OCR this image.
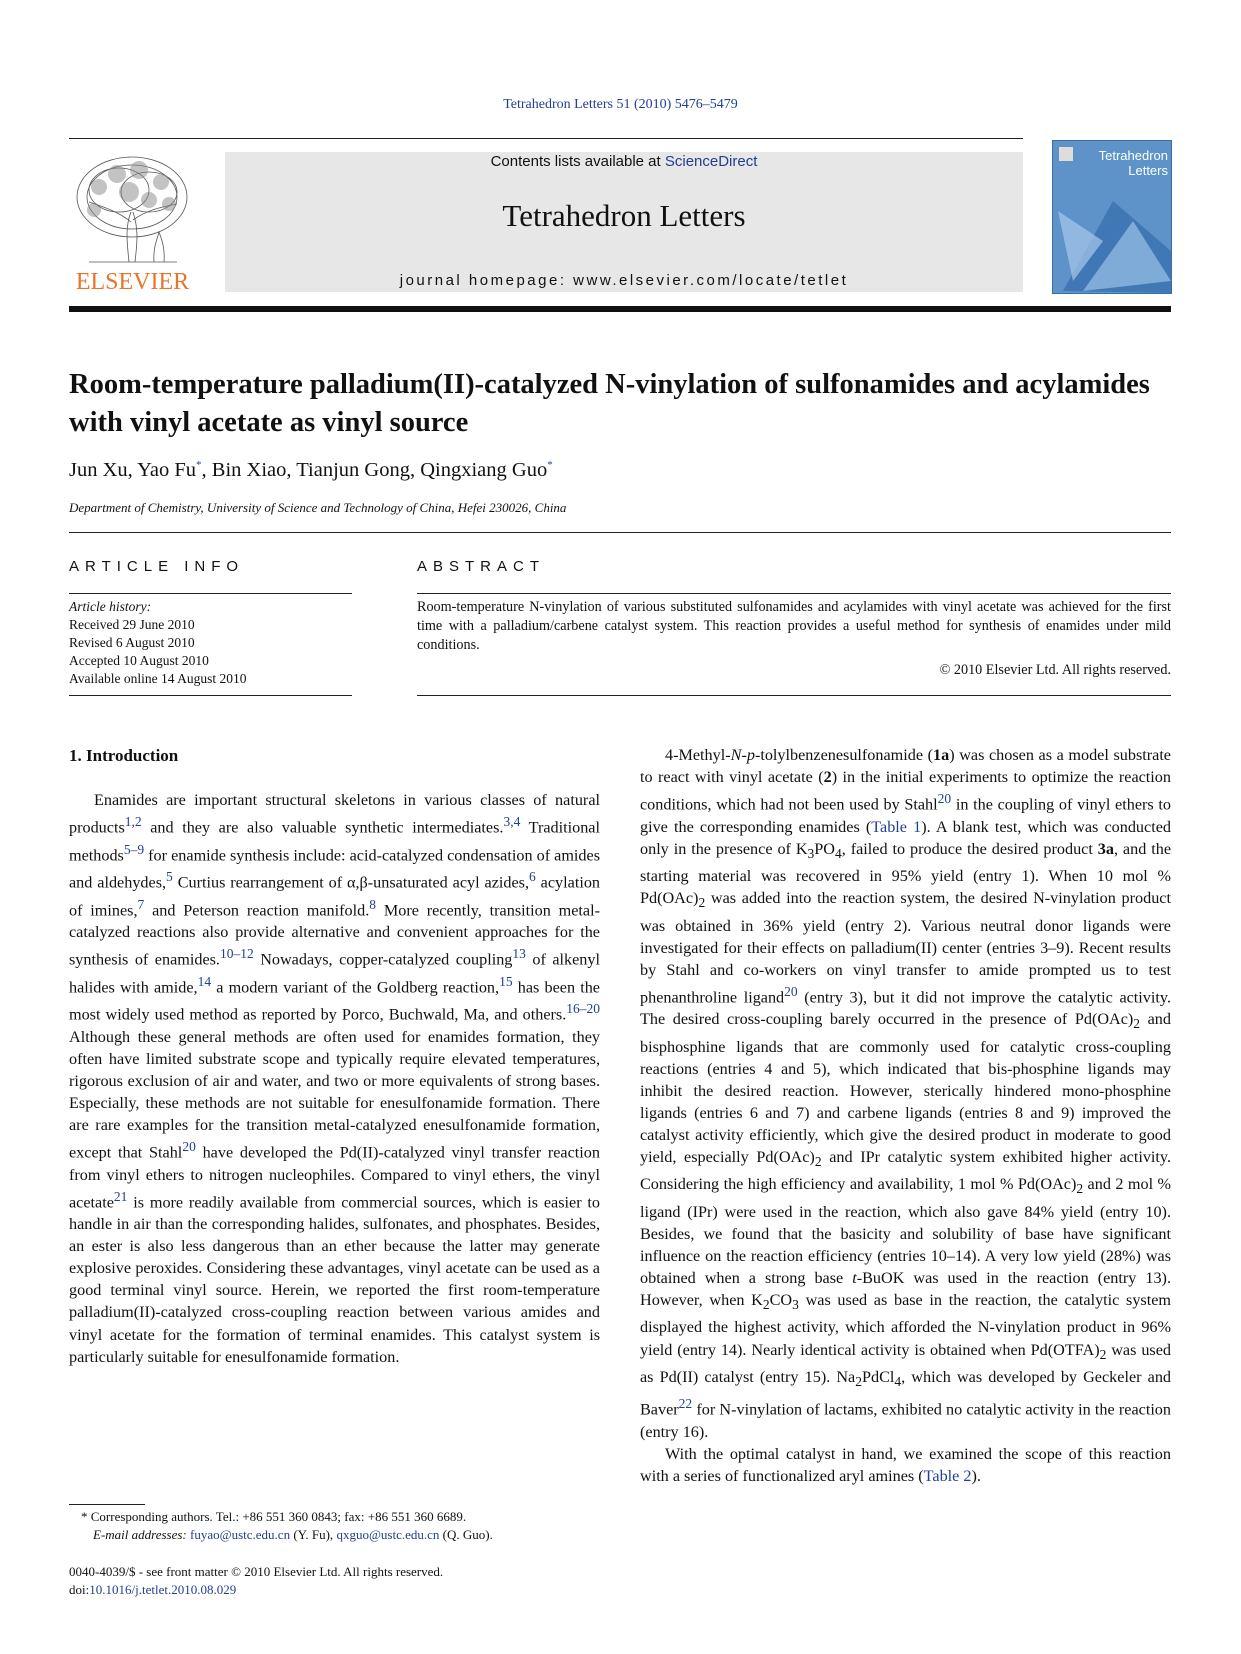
Tetrahedron Letters 51 (2010) 5476–5479
ELSEVIER
Contents lists available at ScienceDirect
Tetrahedron Letters
journal homepage: www.elsevier.com/locate/tetlet
Tetrahedron
Letters
Room-temperature palladium(II)-catalyzed N-vinylation of sulfonamides and acylamides with vinyl acetate as vinyl source
Jun Xu, Yao Fu*, Bin Xiao, Tianjun Gong, Qingxiang Guo*
Department of Chemistry, University of Science and Technology of China, Hefei 230026, China
ARTICLE INFO	ABSTRACT
Article history:
Received 29 June 2010
Revised 6 August 2010
Accepted 10 August 2010
Available online 14 August 2010
Room-temperature N-vinylation of various substituted sulfonamides and acylamides with vinyl acetate was achieved for the first time with a palladium/carbene catalyst system. This reaction provides a useful method for synthesis of enamides under mild conditions.
© 2010 Elsevier Ltd. All rights reserved.
1. Introduction

Enamides are important structural skeletons in various classes of natural products$^{1,2}$ and they are also valuable synthetic intermediates.$^{3,4}$ Traditional methods$^{5-9}$ for enamide synthesis include: acid-catalyzed condensation of amides and aldehydes,$^5$ Curtius rearrangement of α,β-unsaturated acyl azides,$^6$ acylation of imines,$^7$ and Peterson reaction manifold.$^8$ More recently, transition metal-catalyzed reactions also provide alternative and convenient approaches for the synthesis of enamides.$^{10-12}$ Nowadays, copper-catalyzed coupling$^{13}$ of alkenyl halides with amide,$^{14}$ a modern variant of the Goldberg reaction,$^{15}$ has been the most widely used method as reported by Porco, Buchwald, Ma, and others.$^{16-20}$ Although these general methods are often used for enamides formation, they often have limited substrate scope and typically require elevated temperatures, rigorous exclusion of air and water, and two or more equivalents of strong bases. Especially, these methods are not suitable for enesulfonamide formation. There are rare examples for the transition metal-catalyzed enesulfonamide formation, except that Stahl$^{20}$ have developed the Pd(II)-catalyzed vinyl transfer reaction from vinyl ethers to nitrogen nucleophiles. Compared to vinyl ethers, the vinyl acetate$^{21}$ is more readily available from commercial sources, which is easier to handle in air than the corresponding halides, sulfonates, and phosphates. Besides, an ester is also less dangerous than an ether because the latter may generate explosive peroxides. Considering these advantages, vinyl acetate can be used as a good terminal vinyl source. Herein, we reported the first room-temperature palladium(II)-catalyzed cross-coupling reaction between various amides and vinyl acetate for the formation of terminal enamides. This catalyst system is particularly suitable for enesulfonamide formation.

4-Methyl-N-p-tolylbenzenesulfonamide (1a) was chosen as a model substrate to react with vinyl acetate (2) in the initial experiments to optimize the reaction conditions, which had not been used by Stahl$^{20}$ in the coupling of vinyl ethers to give the corresponding enamides (Table 1). A blank test, which was conducted only in the presence of $K_3PO_4$, failed to produce the desired product 3a, and the starting material was recovered in 95% yield (entry 1). When 10 mol % $Pd(OAc)_2$ was added into the reaction system, the desired N-vinylation product was obtained in 36% yield (entry 2). Various neutral donor ligands were investigated for their effects on palladium(II) center (entries 3–9). Recent results by Stahl and co-workers on vinyl transfer to amide prompted us to test phenanthroline ligand$^{20}$ (entry 3), but it did not improve the catalytic activity. The desired cross-coupling barely occurred in the presence of $Pd(OAc)_2$ and bisphosphine ligands that are commonly used for catalytic cross-coupling reactions (entries 4 and 5), which indicated that bis-phosphine ligands may inhibit the desired reaction. However, sterically hindered mono-phosphine ligands (entries 6 and 7) and carbene ligands (entries 8 and 9) improved the catalyst activity efficiently, which give the desired product in moderate to good yield, especially $Pd(OAc)_2$ and IPr catalytic system exhibited higher activity. Considering the high efficiency and availability, 1 mol % $Pd(OAc)_2$ and 2 mol % ligand (IPr) were used in the reaction, which also gave 84% yield (entry 10). Besides, we found that the basicity and solubility of base have significant influence on the reaction efficiency (entries 10–14). A very low yield (28%) was obtained when a strong base t-BuOK was used in the reaction (entry 13). However, when $K_2CO_3$ was used as base in the reaction, the catalytic system displayed the highest activity, which afforded the N-vinylation product in 96% yield (entry 14). Nearly identical activity is obtained when $Pd(OTFA)_2$ was used as Pd(II) catalyst (entry 15). $Na_2PdCl_4$, which was developed by Geckeler and Baver$^{22}$ for N-vinylation of lactams, exhibited no catalytic activity in the reaction (entry 16).

With the optimal catalyst in hand, we examined the scope of this reaction with a series of functionalized aryl amines (Table 2).

* Corresponding authors. Tel.: +86 551 360 0843; fax: +86 551 360 6689.
E-mail addresses: fuyao@ustc.edu.cn (Y. Fu), qxguo@ustc.edu.cn (Q. Guo).
0040-4039/$ - see front matter © 2010 Elsevier Ltd. All rights reserved.
doi:10.1016/j.tetlet.2010.08.029
